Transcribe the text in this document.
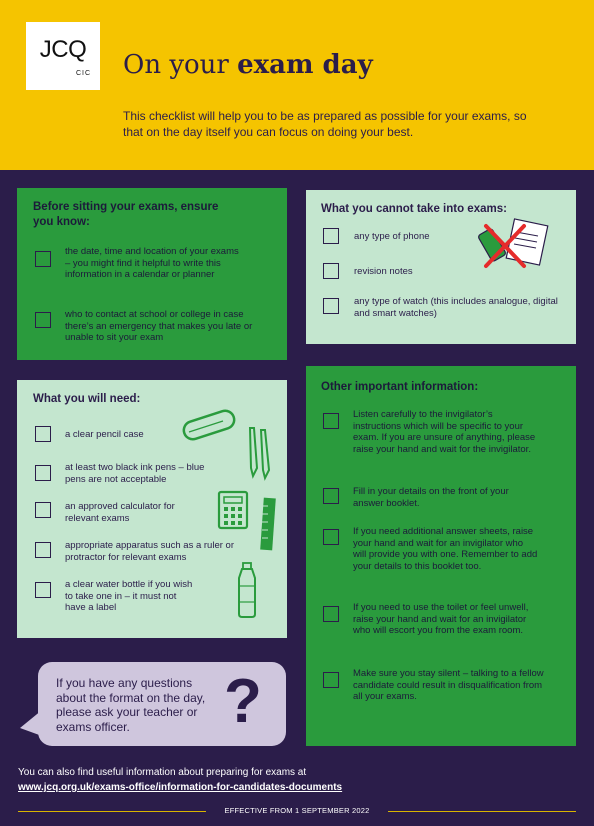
JCQ
CIC On your exam day
This checklist will help you to be as prepared as possible for your exams, so that on the day itself you can focus on doing your best.
Before sitting your exams, ensure you know:
the date, time and location of your exams – you might find it helpful to write this information in a calendar or planner
who to contact at school or college in case there’s an emergency that makes you late or unable to sit your exam
What you cannot take into exams:
any type of phone
revision notes
any type of watch (this includes analogue, digital and smart watches)
What you will need:
a clear pencil case
at least two black ink pens – blue pens are not acceptable
an approved calculator for relevant exams
appropriate apparatus such as a ruler or protractor for relevant exams
a clear water bottle if you wish to take one in – it must not have a label
Other important information:
Listen carefully to the invigilator’s instructions which will be specific to your exam. If you are unsure of anything, please raise your hand and wait for the invigilator.
Fill in your details on the front of your answer booklet.
If you need additional answer sheets, raise your hand and wait for an invigilator who will provide you with one. Remember to add your details to this booklet too.
If you need to use the toilet or feel unwell, raise your hand and wait for an invigilator who will escort you from the exam room.
Make sure you stay silent – talking to a fellow candidate could result in disqualification from all your exams.
If you have any questions about the format on the day, please ask your teacher or exams officer.	?
You can also find useful information about preparing for exams at
www.jcq.org.uk/exams-office/information-for-candidates-documents
EFFECTIVE FROM 1 SEPTEMBER 2022
